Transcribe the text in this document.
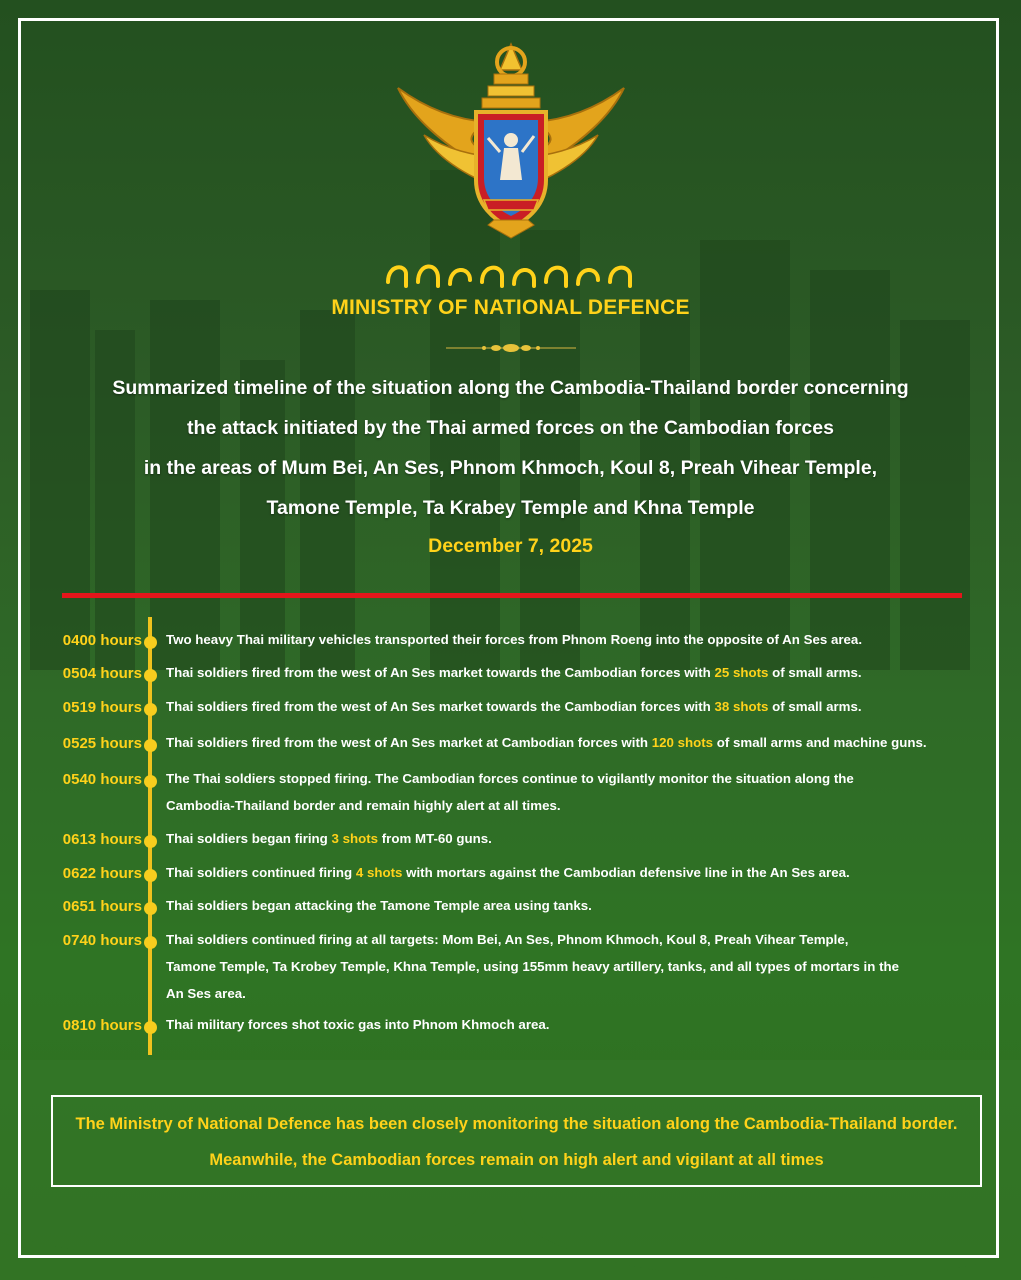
MINISTRY OF NATIONAL DEFENCE
Summarized timeline of the situation along the Cambodia-Thailand border concerning
the attack initiated by the Thai armed forces on the Cambodian forces
in the areas of Mum Bei, An Ses, Phnom Khmoch, Koul 8, Preah Vihear Temple,
Tamone Temple, Ta Krabey Temple and Khna Temple
December 7, 2025
0400 hours Two heavy Thai military vehicles transported their forces from Phnom Roeng into the opposite of An Ses area.
0504 hours Thai soldiers fired from the west of An Ses market towards the Cambodian forces with 25 shots of small arms.
0519 hours Thai soldiers fired from the west of An Ses market towards the Cambodian forces with 38 shots of small arms.
0525 hours Thai soldiers fired from the west of An Ses market at Cambodian forces with 120 shots of small arms and machine guns.
0540 hours The Thai soldiers stopped firing. The Cambodian forces continue to vigilantly monitor the situation along the
Cambodia-Thailand border and remain highly alert at all times.
0613 hours Thai soldiers began firing 3 shots from MT-60 guns.
0622 hours Thai soldiers continued firing 4 shots with mortars against the Cambodian defensive line in the An Ses area.
0651 hours Thai soldiers began attacking the Tamone Temple area using tanks.
0740 hours Thai soldiers continued firing at all targets: Mom Bei, An Ses, Phnom Khmoch, Koul 8, Preah Vihear Temple,
Tamone Temple, Ta Krobey Temple, Khna Temple, using 155mm heavy artillery, tanks, and all types of mortars in the
An Ses area.
0810 hours Thai military forces shot toxic gas into Phnom Khmoch area.
The Ministry of National Defence has been closely monitoring the situation along the Cambodia-Thailand border.
Meanwhile, the Cambodian forces remain on high alert and vigilant at all times
